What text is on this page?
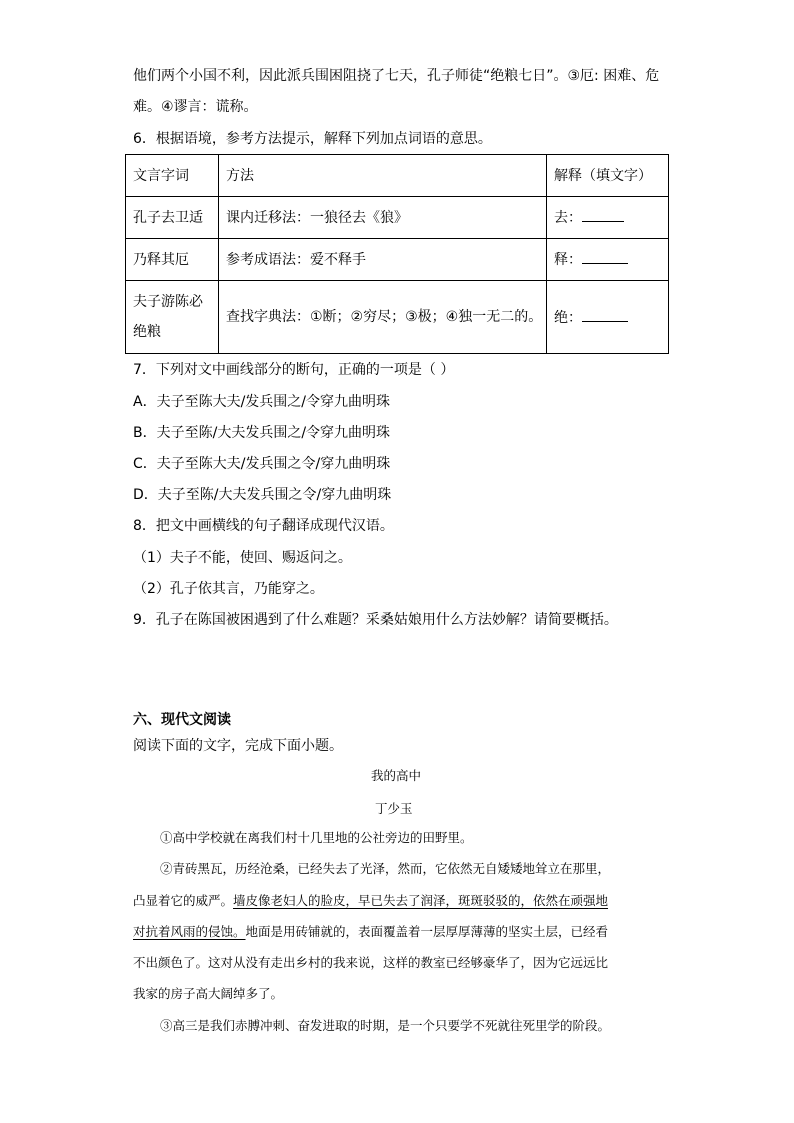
他们两个小国不利，因此派兵围困阻挠了七天，孔子师徒“绝粮七日”。③厄: 困难、危
难。④谬言：谎称。
6．根据语境，参考方法提示，解释下列加点词语的意思。
文言字词	方法	解释（填文字）
孔子去卫适	课内迁移法：一狼径去《狼》	去：
乃释其厄	参考成语法：爱不释手	释：
夫子游陈必
绝粮	查找字典法：①断；②穷尽；③极；④独一无二的。	绝：
7．下列对文中画线部分的断句，正确的一项是（ ）
A．夫子至陈大夫/发兵围之/令穿九曲明珠
B．夫子至陈/大夫发兵围之/令穿九曲明珠
C．夫子至陈大夫/发兵围之令/穿九曲明珠
D．夫子至陈/大夫发兵围之令/穿九曲明珠
8．把文中画横线的句子翻译成现代汉语。
（1）夫子不能，使回、赐返问之。
（2）孔子依其言，乃能穿之。
9．孔子在陈国被困遇到了什么难题？采桑姑娘用什么方法妙解？请简要概括。
六、现代文阅读
阅读下面的文字，完成下面小题。
我的高中
丁少玉
①高中学校就在离我们村十几里地的公社旁边的田野里。
②青砖黑瓦，历经沧桑，已经失去了光泽，然而，它依然无自矮矮地耸立在那里，
凸显着它的威严。墙皮像老妇人的脸皮，早已失去了润泽，斑斑驳驳的，依然在顽强地
对抗着风雨的侵蚀。地面是用砖铺就的，表面覆盖着一层厚厚薄薄的坚实土层，已经看
不出颜色了。这对从没有走出乡村的我来说，这样的教室已经够豪华了，因为它远远比
我家的房子高大阔绰多了。
③高三是我们赤膊冲刺、奋发进取的时期，是一个只要学不死就往死里学的阶段。
